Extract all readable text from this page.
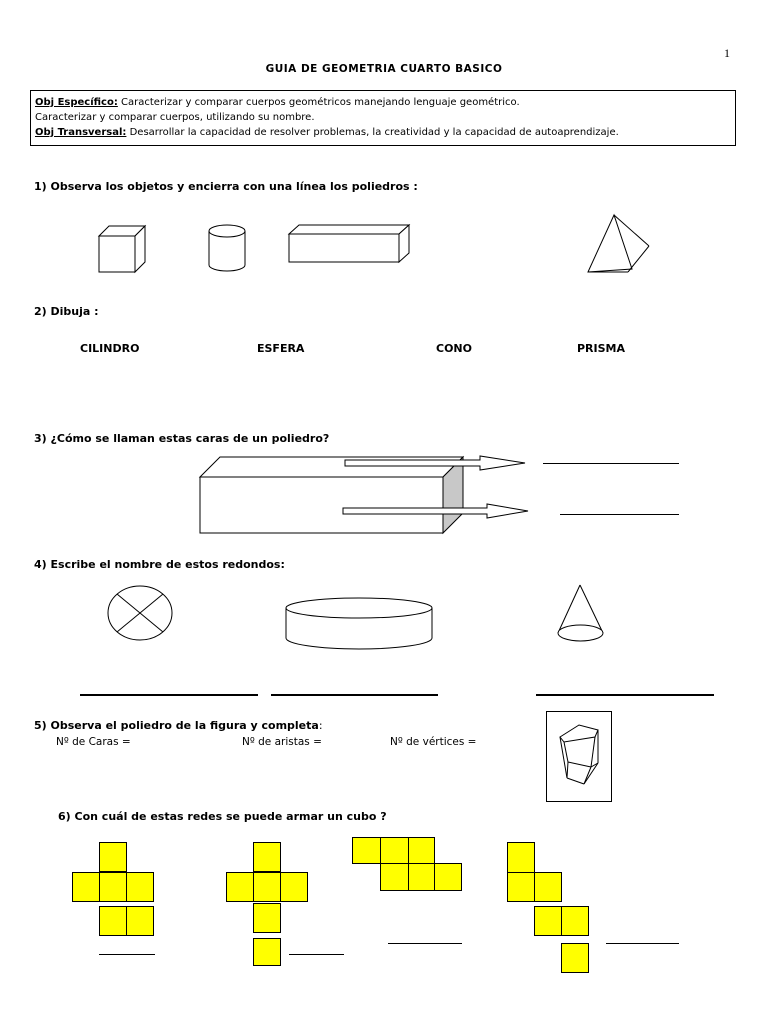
1
GUIA DE GEOMETRIA CUARTO BASICO
Obj Específico: Caracterizar y comparar cuerpos geométricos manejando lenguaje geométrico.
Caracterizar y comparar cuerpos, utilizando su nombre.
Obj Transversal: Desarrollar la capacidad de resolver problemas, la creatividad y la capacidad de autoaprendizaje.
1) Observa los objetos y encierra con una línea los poliedros :
2) Dibuja :
CILINDRO	ESFERA	CONO	PRISMA
3) ¿Cómo se llaman estas caras de un poliedro?
4) Escribe el nombre de estos redondos:
5) Observa el poliedro de la figura y completa:
Nº de Caras =	Nº de aristas =	Nº de vértices =
6) Con cuál de estas redes se puede armar un cubo ?
